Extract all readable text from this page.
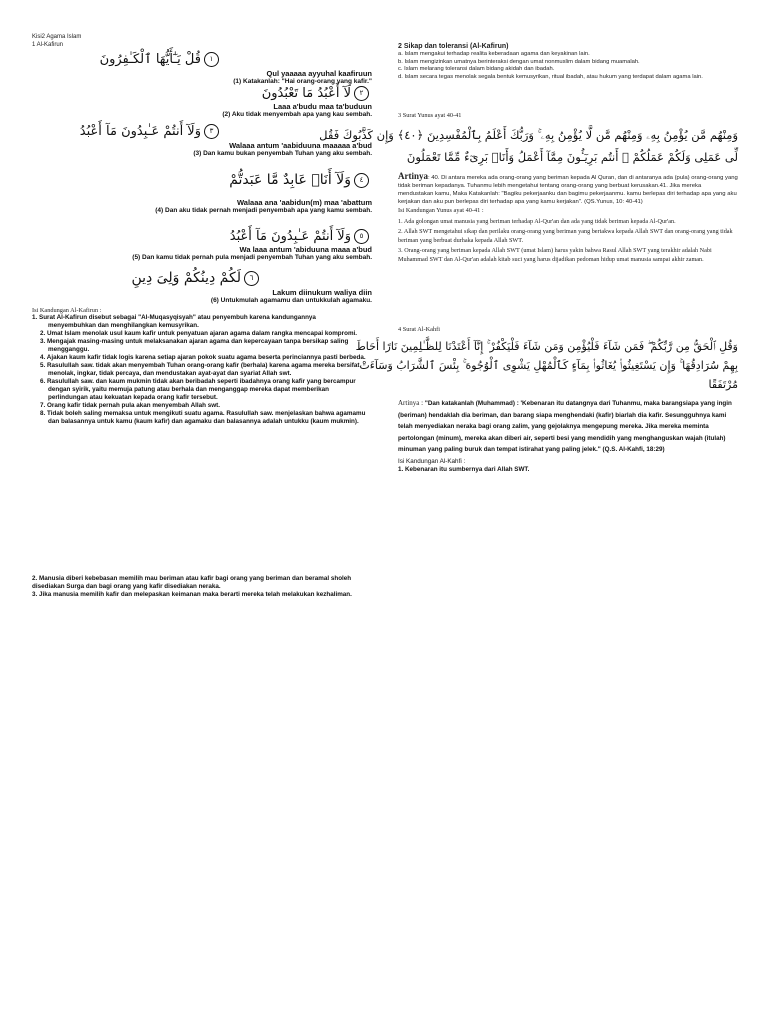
Kisi2 Agama Islam

1 Al-Kafirun

١قُلْ يَـٰٓأَيُّهَا ٱلْكَـٰفِرُونَ

Qul yaaaaa ayyuhal kaafiruun

(1) Katakanlah: "Hai orang-orang yang kafir."

٢لَآ أَعْبُدُ مَا تَعْبُدُونَ

Laaa a'budu maa ta'buduun

(2) Aku tidak menyembah apa yang kau sembah.

٣وَلَآ أَنتُمْ عَـٰبِدُونَ مَآ أَعْبُدُ

Walaaa antum 'aabiduuna maaaaa a'bud

(3) Dan kamu bukan penyembah Tuhan yang aku sembah.

٤وَلَآ أَنَا۠ عَابِدٌ مَّا عَبَدتُّمْ

Walaaa ana 'aabidun(m) maa 'abattum

(4) Dan aku tidak pernah menjadi penyembah apa yang kamu sembah.

٥وَلَآ أَنتُمْ عَـٰبِدُونَ مَآ أَعْبُدُ

Wa laaa antum 'abiduuna maaa a'bud

(5) Dan kamu tidak pernah pula menjadi penyembah Tuhan yang aku sembah.

٦لَكُمْ دِينُكُمْ وَلِىَ دِينِ

Lakum diinukum waliya diin

(6) Untukmulah agamamu dan untukkulah agamaku.

Isi Kandungan Al-Kafirun :

1. Surat Al-Kafirun disebut sebagai "Al-Muqasyqisyah" atau penyembuh karena kandungannya

menyembuhkan dan menghilangkan kemusyrikan.

2. Umat Islam menolak usul kaum kafir untuk penyatuan ajaran agama dalam rangka mencapai kompromi.

3. Mengajak masing-masing untuk melaksanakan ajaran agama dan kepercayaan tanpa bersikap saling

mengganggu.

4. Ajakan kaum kafir tidak logis karena setiap ajaran pokok suatu agama beserta perinciannya pasti berbeda.

5. Rasulullah saw. tidak akan menyembah Tuhan orang-orang kafir (berhala) karena agama mereka bersifat

menolak, ingkar, tidak percaya, dan mendustakan ayat-ayat dan syariat Allah swt.

6. Rasulullah saw. dan kaum mukmin tidak akan beribadah seperti ibadahnya orang kafir yang bercampur

dengan syirik, yaitu memuja patung atau berhala dan menganggap mereka dapat memberikan

perlindungan atau kekuatan kepada orang kafir tersebut.

7. Orang kafir tidak pernah pula akan menyembah Allah swt.

8. Tidak boleh saling memaksa untuk mengikuti suatu agama. Rasulullah saw. menjelaskan bahwa agamamu

dan balasannya untuk kamu (kaum kafir) dan agamaku dan balasannya adalah untukku (kaum mukmin).

2. Manusia diberi kebebasan memilih mau beriman atau kafir bagi orang yang beriman dan beramal sholeh disediakan Surga dan bagi orang yang kafir disediakan neraka.

3. Jika manusia memilih kafir dan melepaskan keimanan maka berarti mereka telah melakukan kezhaliman.

2 Sikap dan toleransi (Al-Kafirun)

a. Islam mengakui terhadap realita keberadaan agama dan keyakinan lain.

b. Islam mengizinkan umatnya berinteraksi dengan umat nonmuslim dalam bidang muamalah.

c. Islam melarang toleransi dalam bidang akidah dan ibadah.

d. Islam secara tegas menolak segala bentuk kemusyrikan, ritual ibadah, atau hukum yang terdapat dalam agama lain.

3 Surat Yunus ayat 40-41

وَمِنْهُم مَّن يُؤْمِنُ بِهِۦ وَمِنْهُم مَّن لَّا يُؤْمِنُ بِهِۦ ۚ وَرَبُّكَ أَعْلَمُ بِٱلْمُفْسِدِينَ ﴿٤٠﴾ وَإِن كَذَّبُوكَ فَقُل

لِّى عَمَلِى وَلَكُمْ عَمَلُكُمْ ۖ أَنتُم بَرِيٓـُٔونَ مِمَّآ أَعْمَلُ وَأَنَا۠ بَرِىٓءٌ مِّمَّا تَعْمَلُونَ

Artinya: 40. Di antara mereka ada orang-orang yang beriman kepada Al Quran, dan di antaranya ada (pula) orang-orang yang tidak beriman kepadanya. Tuhanmu lebih mengetahui tentang orang-orang yang berbuat kerusakan.41. Jika mereka mendustakan kamu, Maka Katakanlah: "Bagiku pekerjaanku dan bagimu pekerjaanmu. kamu berlepas diri terhadap apa yang aku kerjakan dan aku pun berlepas diri terhadap apa yang kamu kerjakan". (QS.Yunus, 10: 40-41)

Isi Kandungan Yunus ayat 40-41 :

1. Ada golongan umat manusia yang beriman terhadap Al-Qur'an dan ada yang tidak beriman kepada Al-Qur'an.

2. Allah SWT mengetahui sikap dan perilaku orang-orang yang beriman yang bertakwa kepada Allah SWT dan orang-orang yang tidak beriman yang berbuat durhaka kepada Allah SWT.

3. Orang-orang yang beriman kepada Allah SWT (umat Islam) harus yakin bahwa Rasul Allah SWT yang terakhir adalah Nabi Muhammad SWT dan Al-Qur'an adalah kitab suci yang harus dijadikan pedoman hidup umat manusia sampai akhir zaman.

4 Surat Al-Kahfi

وَقُلِ ٱلْحَقُّ مِن رَّبِّكُمْ ۖ فَمَن شَآءَ فَلْيُؤْمِن وَمَن شَآءَ فَلْيَكْفُرْ ۚ إِنَّآ أَعْتَدْنَا لِلظَّـٰلِمِينَ نَارًا أَحَاطَ

بِهِمْ سُرَادِقُهَا ۚ وَإِن يَسْتَغِيثُوا۟ يُغَاثُوا۟ بِمَآءٍ كَٱلْمُهْلِ يَشْوِى ٱلْوُجُوهَ ۚ بِئْسَ ٱلشَّرَابُ وَسَآءَتْ

مُرْتَفَقًا

Artinya : "Dan katakanlah (Muhammad) : 'Kebenaran itu datangnya dari Tuhanmu, maka barangsiapa yang ingin (beriman) hendaklah dia beriman, dan barang siapa menghendaki (kafir) biarlah dia kafir. Sesungguhnya kami telah menyediakan neraka bagi orang zalim, yang gejolaknya mengepung mereka. Jika mereka meminta pertolongan (minum), mereka akan diberi air, seperti besi yang mendidih yang menghanguskan wajah (itulah) minuman yang paling buruk dan tempat istirahat yang paling jelek." (Q.S. Al-Kahfi, 18:29)

Isi Kandungan Al-Kahfi :

1. Kebenaran itu sumbernya dari Allah SWT.
